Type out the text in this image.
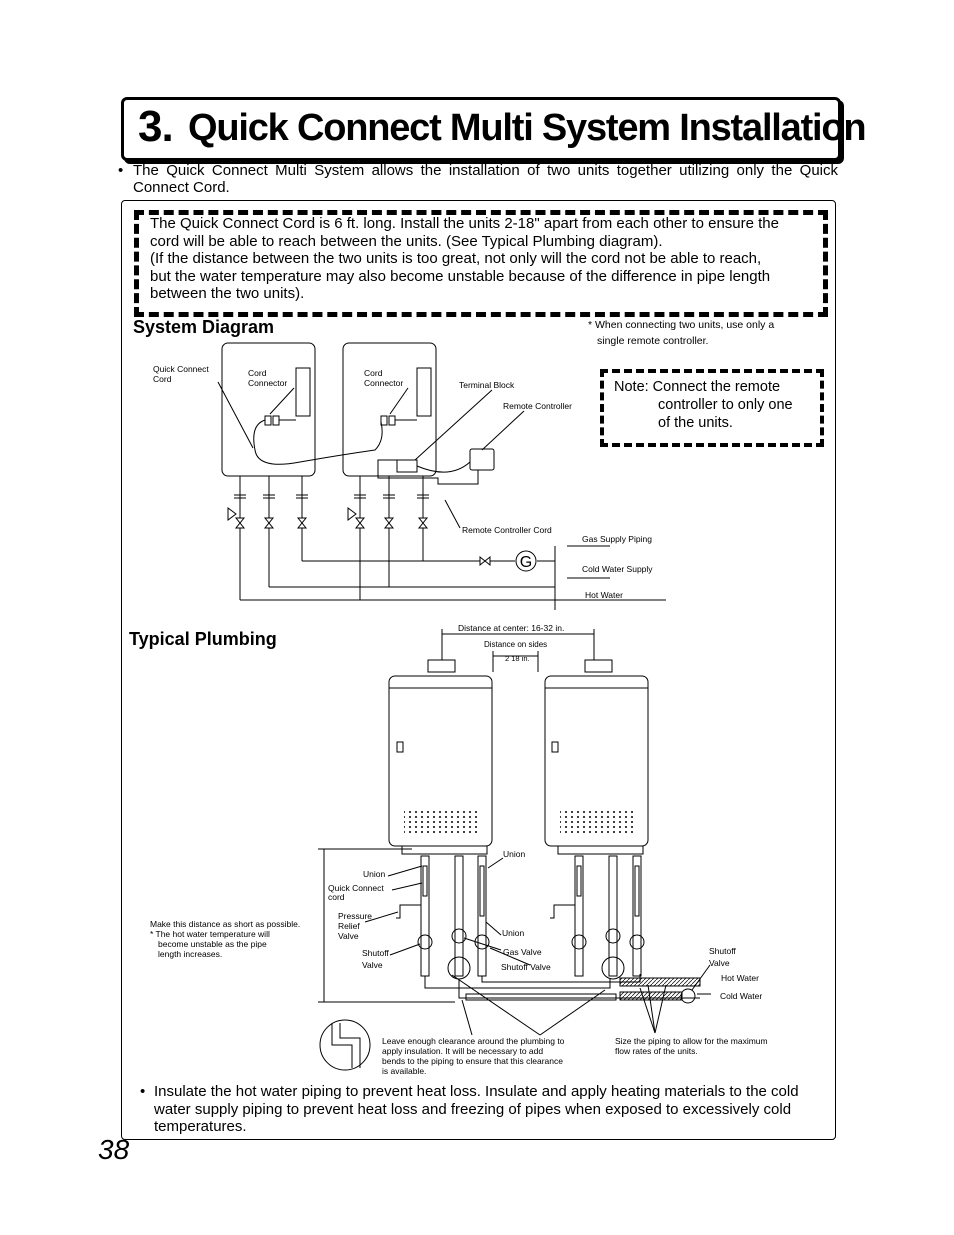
3. Quick Connect Multi System Installation
• The Quick Connect Multi System allows the installation of two units together utilizing only the Quick Connect Cord.
The Quick Connect Cord is 6 ft. long. Install the units 2-18" apart from each other to ensure the
cord will be able to reach between the units. (See Typical Plumbing diagram).
(If the distance between the two units is too great, not only will the cord not be able to reach,
but the water temperature may also become unstable because of the difference in pipe length
between the two units).
System Diagram	* When connecting two units, use only a
single remote controller.
Note: Connect the remote
controller to only one
of the units.
G
Quick Connect
Cord
Cord
Connector
Cord
Connector	Terminal Block
Remote Controller
Remote Controller Cord
Gas Supply Piping
Cold Water Supply
Hot Water
Typical Plumbing
Distance at center: 16-32 in.
Distance on sides
2 18 in.
Union
Union
Union
Quick Connect
cord
Pressure
Relief
Valve
Shutoff
Valve
Gas Valve
Shutoff Valve
Shutoff
Valve
Hot Water
Cold Water
Make this distance as short as possible.
* The hot water temperature will
become unstable as the pipe
length increases.
Leave enough clearance around the plumbing to
apply insulation. It will be necessary to add
bends to the piping to ensure that this clearance
is available.
Size the piping to allow for the maximum
flow rates of the units.
• Insulate the hot water piping to prevent heat loss. Insulate and apply heating materials to the cold water supply piping to prevent heat loss and freezing of pipes when exposed to excessively cold temperatures.
38
